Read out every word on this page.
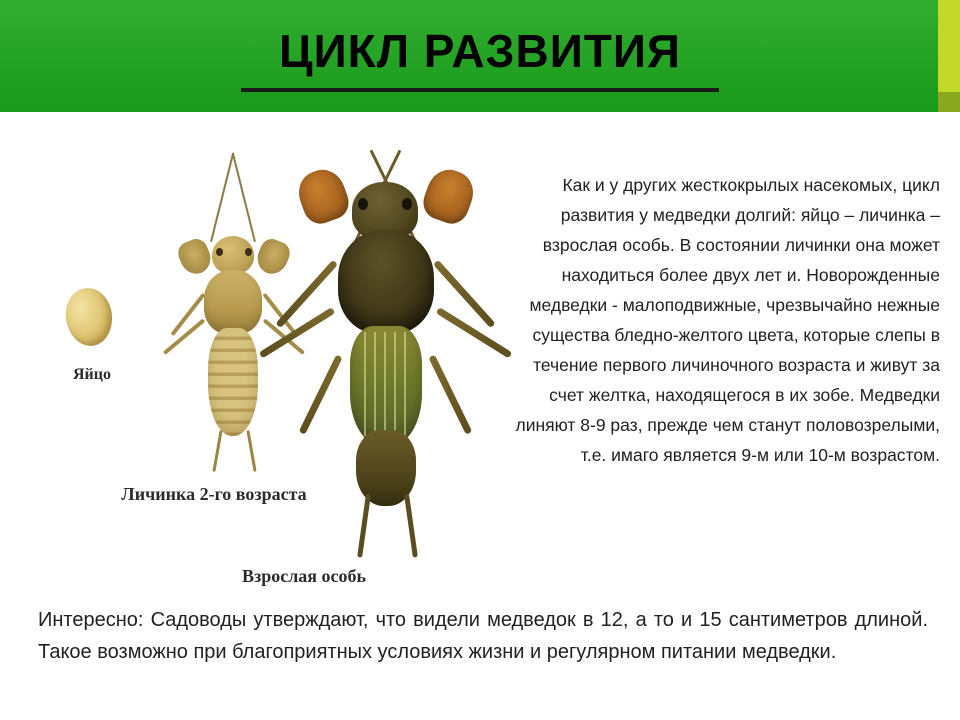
ЦИКЛ РАЗВИТИЯ
Яйцо
Личинка 2-го возраста
Взрослая особь
Как и у других жесткокрылых насекомых, цикл развития у медведки долгий: яйцо – личинка – взрослая особь. В состоянии личинки она может находиться более двух лет и. Новорожденные медведки - малоподвижные, чрезвычайно нежные существа бледно-желтого цвета, которые слепы в течение первого личиночного возраста и живут за счет желтка, находящегося в их зобе. Медведки линяют 8-9 раз, прежде чем станут половозрелыми, т.е. имаго является 9-м или 10-м возрастом.
Интересно: Садоводы утверждают, что видели медведок в 12, а то и 15 сантиметров длиной. Такое возможно при благоприятных условиях жизни и регулярном питании медведки.
